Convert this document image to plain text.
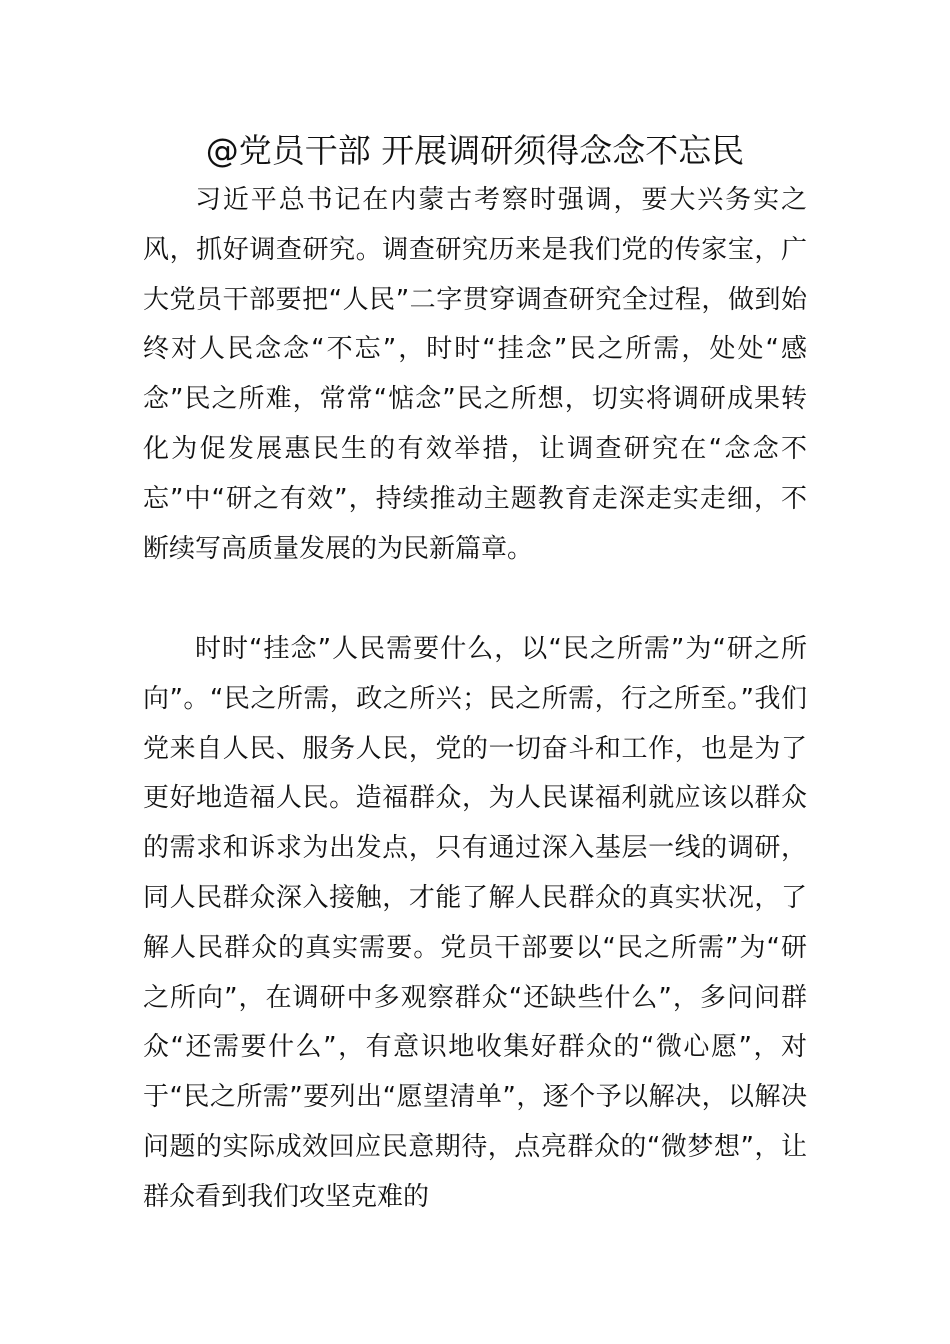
@党员干部 开展调研须得念念不忘民

习近平总书记在内蒙古考察时强调，要大兴务实之风，抓好调查研究。调查研究历来是我们党的传家宝，广大党员干部要把“人民”二字贯穿调查研究全过程，做到始终对人民念念“不忘”，时时“挂念”民之所需，处处“感念”民之所难，常常“惦念”民之所想，切实将调研成果转化为促发展惠民生的有效举措，让调查研究在“念念不忘”中“研之有效”，持续推动主题教育走深走实走细，不断续写高质量发展的为民新篇章。

时时“挂念”人民需要什么，以“民之所需”为“研之所向”。“民之所需，政之所兴；民之所需，行之所至。”我们党来自人民、服务人民，党的一切奋斗和工作，也是为了更好地造福人民。造福群众，为人民谋福利就应该以群众的需求和诉求为出发点，只有通过深入基层一线的调研，同人民群众深入接触，才能了解人民群众的真实状况，了解人民群众的真实需要。党员干部要以“民之所需”为“研之所向”，在调研中多观察群众“还缺些什么”，多问问群众“还需要什么”，有意识地收集好群众的“微心愿”，对于“民之所需”要列出“愿望清单”，逐个予以解决，以解决问题的实际成效回应民意期待，点亮群众的“微梦想”，让群众看到我们攻坚克难的
